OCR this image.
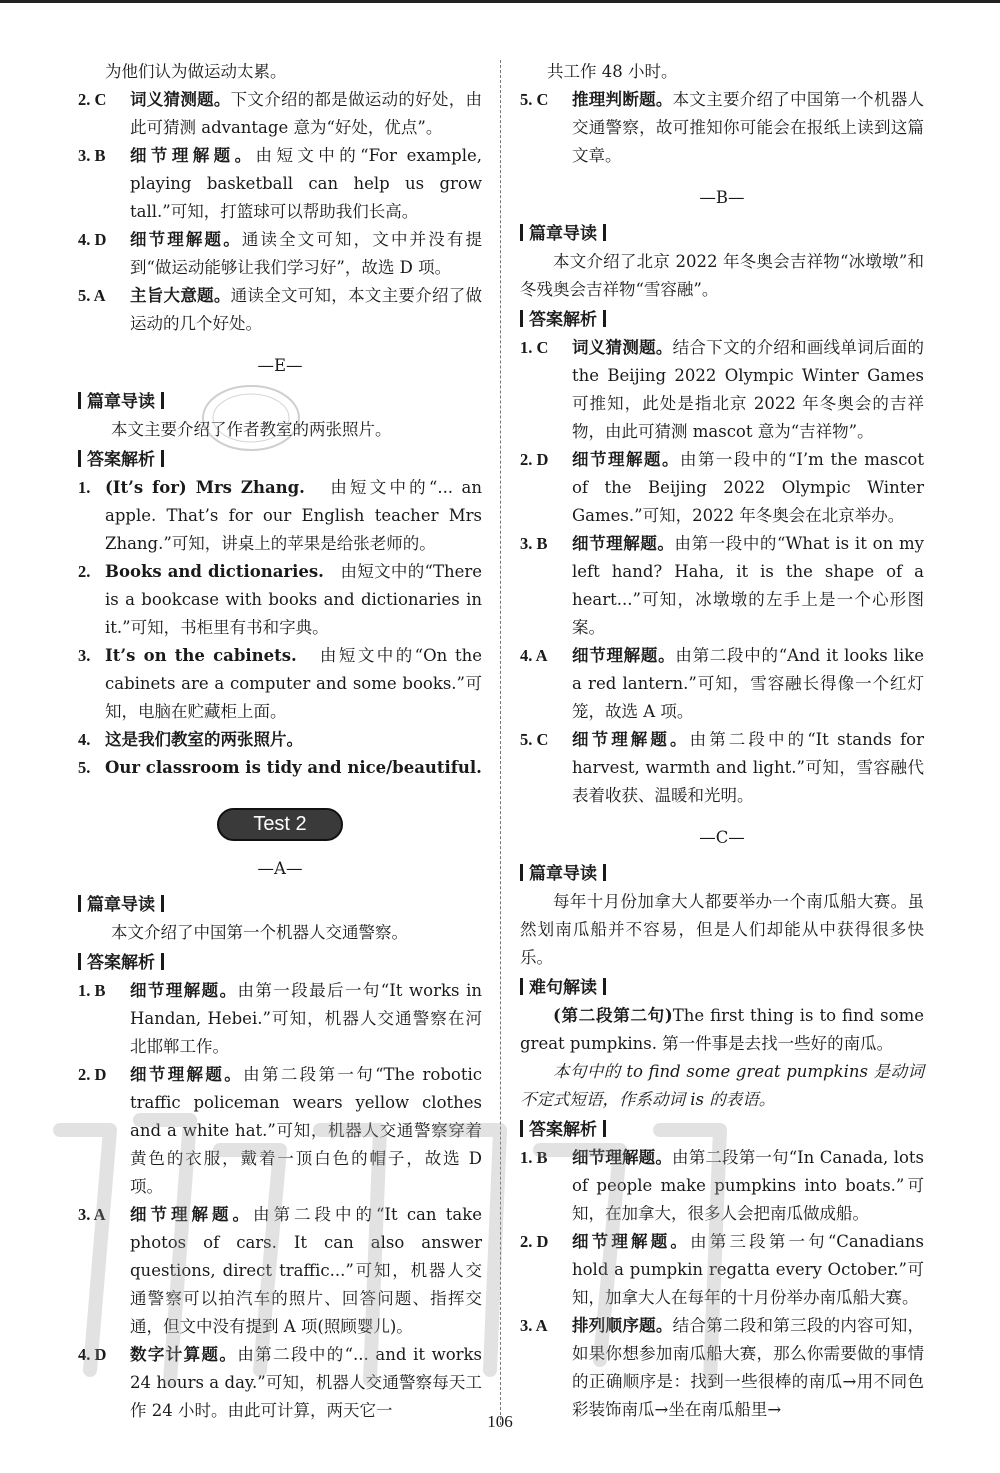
为他们认为做运动太累。
2. C	词义猜测题。下文介绍的都是做运动的好处，由此可猜测 advantage 意为“好处，优点”。
3. B	细节理解题。由短文中的“For example, playing basketball can help us grow tall.”可知，打篮球可以帮助我们长高。
4. D	细节理解题。通读全文可知，文中并没有提到“做运动能够让我们学习好”，故选 D 项。
5. A	主旨大意题。通读全文可知，本文主要介绍了做运动的几个好处。
—E—
篇章导读
本文主要介绍了作者教室的两张照片。
答案解析
1. (It’s for) Mrs Zhang. 由短文中的“... an apple. That’s for our English teacher Mrs Zhang.”可知，讲桌上的苹果是给张老师的。
2. Books and dictionaries. 由短文中的“There is a bookcase with books and dictionaries in it.”可知，书柜里有书和字典。
3. It’s on the cabinets. 由短文中的“On the cabinets are a computer and some books.”可知，电脑在贮藏柜上面。
4. 这是我们教室的两张照片。
5. Our classroom is tidy and nice/beautiful.
Test 2
—A—
篇章导读
本文介绍了中国第一个机器人交通警察。
答案解析
1. B	细节理解题。由第一段最后一句“It works in Handan, Hebei.”可知，机器人交通警察在河北邯郸工作。
2. D	细节理解题。由第二段第一句“The robotic traffic policeman wears yellow clothes and a white hat.”可知，机器人交通警察穿着黄色的衣服，戴着一顶白色的帽子，故选 D 项。
3. A	细节理解题。由第二段中的“It can take photos of cars. It can also answer questions, direct traffic...”可知，机器人交通警察可以拍汽车的照片、回答问题、指挥交通，但文中没有提到 A 项(照顾婴儿)。
4. D	数字计算题。由第二段中的“... and it works 24 hours a day.”可知，机器人交通警察每天工作 24 小时。由此可计算，两天它一
共工作 48 小时。
5. C	推理判断题。本文主要介绍了中国第一个机器人交通警察，故可推知你可能会在报纸上读到这篇文章。
—B—
篇章导读
本文介绍了北京 2022 年冬奥会吉祥物“冰墩墩”和冬残奥会吉祥物“雪容融”。
答案解析
1. C	词义猜测题。结合下文的介绍和画线单词后面的 the Beijing 2022 Olympic Winter Games 可推知，此处是指北京 2022 年冬奥会的吉祥物，由此可猜测 mascot 意为“吉祥物”。
2. D	细节理解题。由第一段中的“I’m the mascot of the Beijing 2022 Olympic Winter Games.”可知，2022 年冬奥会在北京举办。
3. B	细节理解题。由第一段中的“What is it on my left hand? Haha, it is the shape of a heart...”可知，冰墩墩的左手上是一个心形图案。
4. A	细节理解题。由第二段中的“And it looks like a red lantern.”可知，雪容融长得像一个红灯笼，故选 A 项。
5. C	细节理解题。由第二段中的“It stands for harvest, warmth and light.”可知，雪容融代表着收获、温暖和光明。
—C—
篇章导读
每年十月份加拿大人都要举办一个南瓜船大赛。虽然划南瓜船并不容易，但是人们却能从中获得很多快乐。
难句解读
(第二段第二句)The first thing is to find some great pumpkins. 第一件事是去找一些好的南瓜。
本句中的 to find some great pumpkins 是动词不定式短语，作系动词 is 的表语。
答案解析
1. B	细节理解题。由第二段第一句“In Canada, lots of people make pumpkins into boats.”可知，在加拿大，很多人会把南瓜做成船。
2. D	细节理解题。由第三段第一句“Canadians hold a pumpkin regatta every October.”可知，加拿大人在每年的十月份举办南瓜船大赛。
3. A	排列顺序题。结合第二段和第三段的内容可知，如果你想参加南瓜船大赛，那么你需要做的事情的正确顺序是：找到一些很棒的南瓜→用不同色彩装饰南瓜→坐在南瓜船里→
106
